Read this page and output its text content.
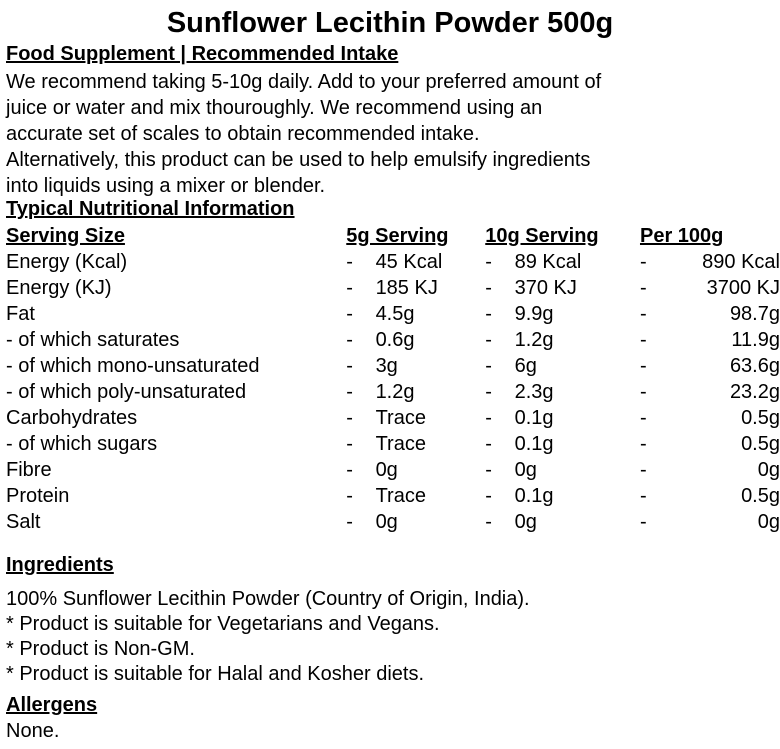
Sunflower Lecithin Powder 500g
Food Supplement | Recommended Intake

We recommend taking 5-10g daily. Add to your preferred amount of

juice or water and mix thouroughly. We recommend using an

accurate set of scales to obtain recommended intake.

Alternatively, this product can be used to help emulsify ingredients

into liquids using a mixer or blender.

Typical Nutritional Information
Serving Size	5g Serving		10g Serving		Per 100g	
Energy (Kcal)	-	45 Kcal	-	89 Kcal	-	890 Kcal
Energy (KJ)	-	185 KJ	-	370 KJ	-	3700 KJ
Fat	-	4.5g	-	9.9g	-	98.7g
- of which saturates	-	0.6g	-	1.2g	-	11.9g
- of which mono-unsaturated	-	3g	-	6g	-	63.6g
- of which poly-unsaturated	-	1.2g	-	2.3g	-	23.2g
Carbohydrates	-	Trace	-	0.1g	-	0.5g
- of which sugars	-	Trace	-	0.1g	-	0.5g
Fibre	-	0g	-	0g	-	0g
Protein	-	Trace	-	0.1g	-	0.5g
Salt	-	0g	-	0g	-	0g
Ingredients

100% Sunflower Lecithin Powder (Country of Origin, India).

* Product is suitable for Vegetarians and Vegans.

* Product is Non-GM.

* Product is suitable for Halal and Kosher diets.

Allergens

None.
